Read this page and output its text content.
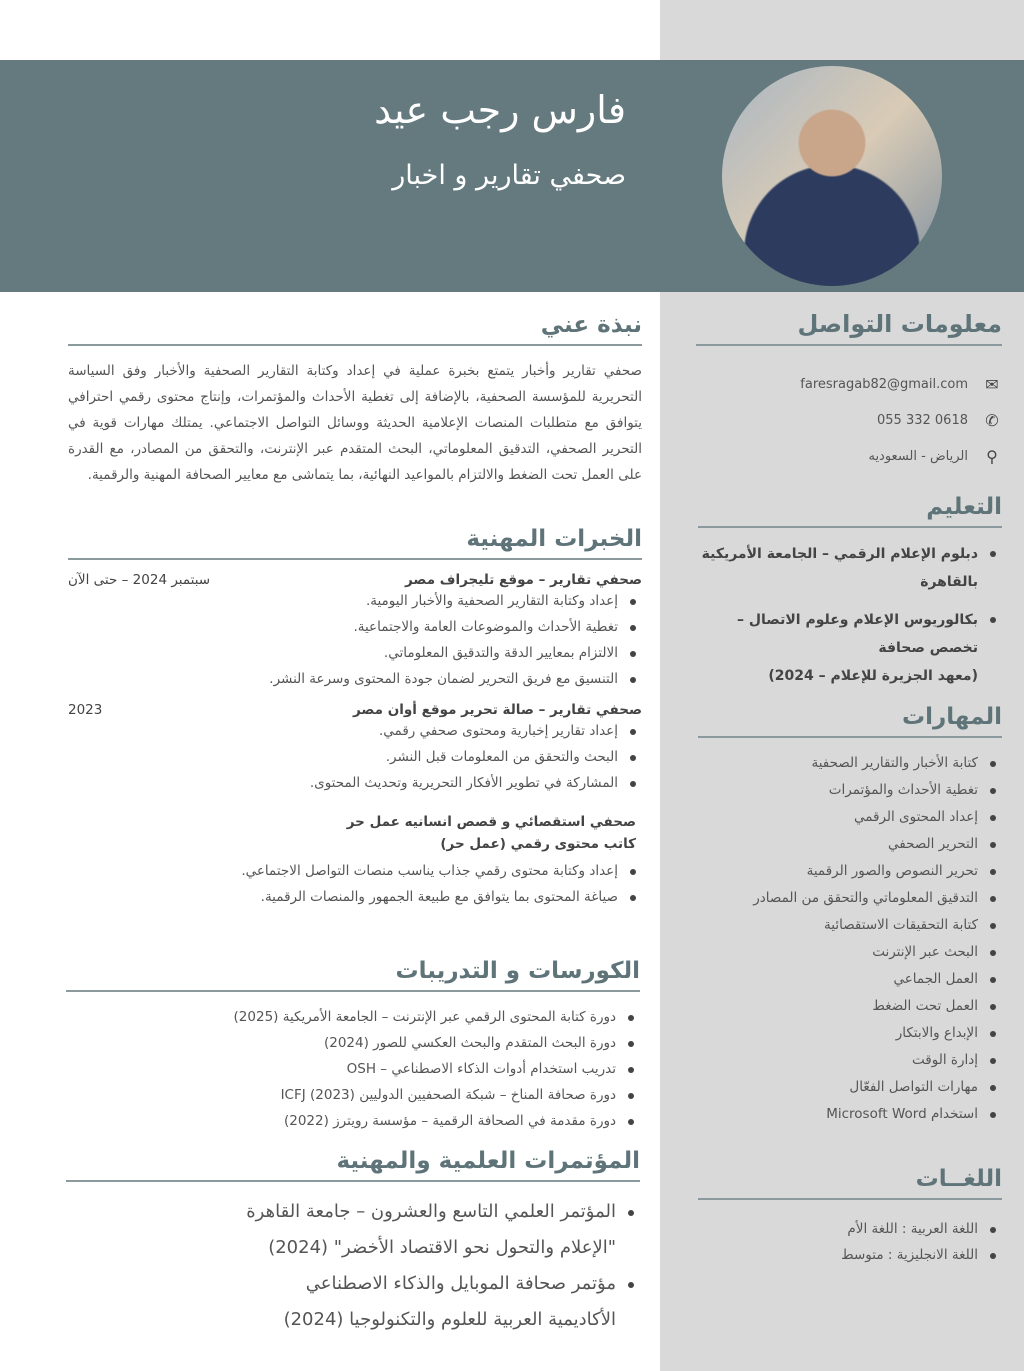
فارس رجب عيد
صحفي تقارير و اخبار
معلومات التواصل
✉
faresragab82@gmail.com
✆
055 332 0618
⚲
الرياض - السعوديه
التعليم
دبلوم الإعلام الرقمي – الجامعة الأمريكية بالقاهرة
بكالوريوس الإعلام وعلوم الاتصال – تخصص صحافة
(معهد الجزيرة للإعلام – 2024)
المهارات
كتابة الأخبار والتقارير الصحفية
تغطية الأحداث والمؤتمرات
إعداد المحتوى الرقمي
التحرير الصحفي
تحرير النصوص والصور الرقمية
التدقيق المعلوماتي والتحقق من المصادر
كتابة التحقيقات الاستقصائية
البحث عبر الإنترنت
العمل الجماعي
العمل تحت الضغط
الإبداع والابتكار
إدارة الوقت
مهارات التواصل الفعّال
استخدام Microsoft Word
اللغــات
اللغة العربية : اللغة الأم
اللغة الانجليزية : متوسط
نبذة عني
صحفي تقارير وأخبار يتمتع بخبرة عملية في إعداد وكتابة التقارير الصحفية والأخبار وفق السياسة التحريرية للمؤسسة الصحفية، بالإضافة إلى تغطية الأحداث والمؤتمرات، وإنتاج محتوى رقمي احترافي يتوافق مع متطلبات المنصات الإعلامية الحديثة ووسائل التواصل الاجتماعي. يمتلك مهارات قوية في التحرير الصحفي، التدقيق المعلوماتي، البحث المتقدم عبر الإنترنت، والتحقق من المصادر، مع القدرة على العمل تحت الضغط والالتزام بالمواعيد النهائية، بما يتماشى مع معايير الصحافة المهنية والرقمية.
الخبرات المهنية
صحفي تقارير – موقع تليجراف مصر
سبتمبر 2024 – حتى الآن
إعداد وكتابة التقارير الصحفية والأخبار اليومية.
تغطية الأحداث والموضوعات العامة والاجتماعية.
الالتزام بمعايير الدقة والتدقيق المعلوماتي.
التنسيق مع فريق التحرير لضمان جودة المحتوى وسرعة النشر.
صحفي تقارير – صالة تحرير موقع أوان مصر
2023
إعداد تقارير إخبارية ومحتوى صحفي رقمي.
البحث والتحقق من المعلومات قبل النشر.
المشاركة في تطوير الأفكار التحريرية وتحديث المحتوى.
صحفي استقصائي و قصص انسانيه عمل حر
كاتب محتوى رقمي (عمل حر)
إعداد وكتابة محتوى رقمي جذاب يناسب منصات التواصل الاجتماعي.
صياغة المحتوى بما يتوافق مع طبيعة الجمهور والمنصات الرقمية.
الكورسات و التدريبات
دورة كتابة المحتوى الرقمي عبر الإنترنت – الجامعة الأمريكية (2025)
دورة البحث المتقدم والبحث العكسي للصور (2024)
تدريب استخدام أدوات الذكاء الاصطناعي – OSH
دورة صحافة المناخ – شبكة الصحفيين الدوليين (2023) ICFJ
دورة مقدمة في الصحافة الرقمية – مؤسسة رويترز (2022)
المؤتمرات العلمية والمهنية
المؤتمر العلمي التاسع والعشرون – جامعة القاهرة
"الإعلام والتحول نحو الاقتصاد الأخضر" (2024)
مؤتمر صحافة الموبايل والذكاء الاصطناعي
الأكاديمية العربية للعلوم والتكنولوجيا (2024)
